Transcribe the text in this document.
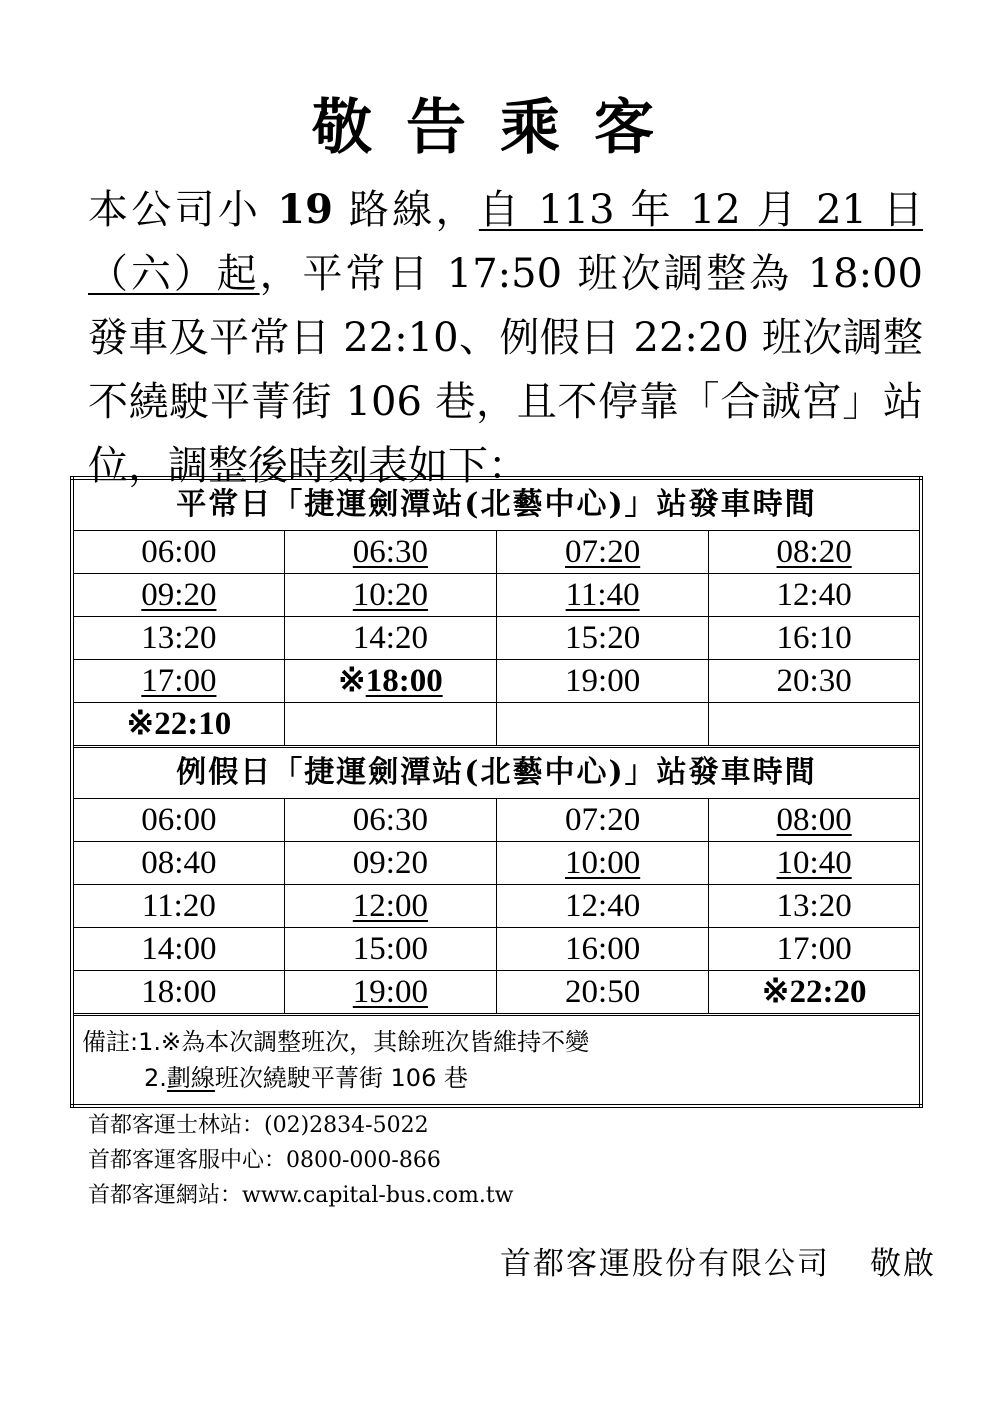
敬告乘客
本公司小 19 路線，自 113 年 12 月 21 日（六）起，平常日 17:50 班次調整為 18:00 發車及平常日 22:10、例假日 22:20 班次調整不繞駛平菁街 106 巷，且不停靠「合誠宮」站位，調整後時刻表如下：
平常日「捷運劍潭站(北藝中心)」站發車時間			
06:00	06:30	07:20	08:20
09:20	10:20	11:40	12:40
13:20	14:20	15:20	16:10
17:00	※18:00	19:00	20:30
※22:10			
例假日「捷運劍潭站(北藝中心)」站發車時間			
06:00	06:30	07:20	08:00
08:40	09:20	10:00	10:40
11:20	12:00	12:40	13:20
14:00	15:00	16:00	17:00
18:00	19:00	20:50	※22:20
備註:1.※為本次調整班次，其餘班次皆維持不變
2.劃線班次繞駛平菁街 106 巷			
首都客運士林站：(02)2834-5022
首都客運客服中心：0800-000-866
首都客運網站：www.capital-bus.com.tw
首都客運股份有限公司 敬啟
